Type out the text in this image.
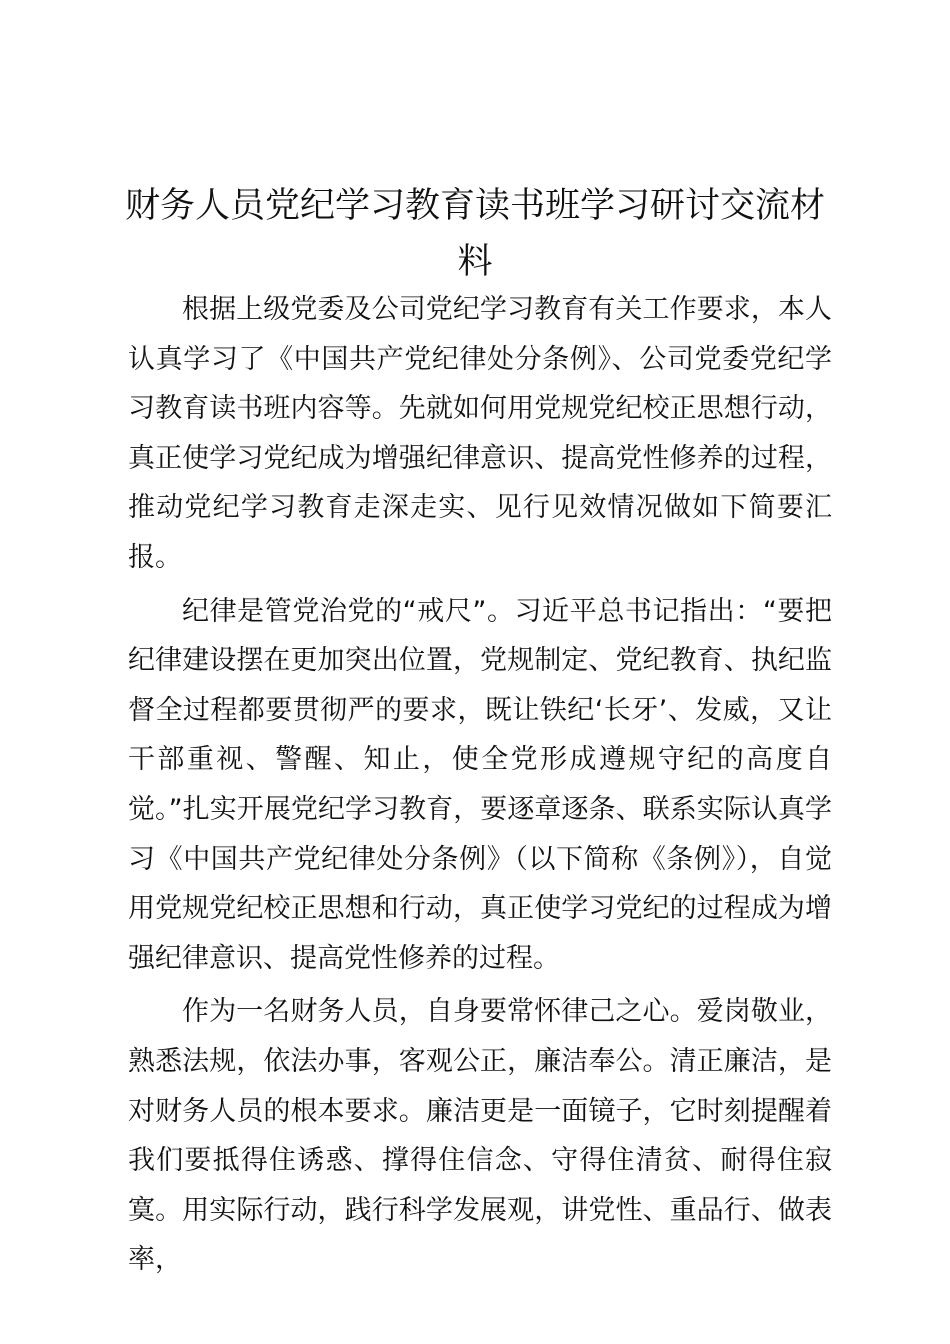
财务人员党纪学习教育读书班学习研讨交流材料

根据上级党委及公司党纪学习教育有关工作要求，本人认真学习了《中国共产党纪律处分条例》、公司党委党纪学习教育读书班内容等。先就如何用党规党纪校正思想行动，真正使学习党纪成为增强纪律意识、提高党性修养的过程，推动党纪学习教育走深走实、见行见效情况做如下简要汇报。

纪律是管党治党的“戒尺”。习近平总书记指出：“要把纪律建设摆在更加突出位置，党规制定、党纪教育、执纪监督全过程都要贯彻严的要求，既让铁纪‘长牙’、发威，又让干部重视、警醒、知止，使全党形成遵规守纪的高度自觉。”扎实开展党纪学习教育，要逐章逐条、联系实际认真学习《中国共产党纪律处分条例》（以下简称《条例》），自觉用党规党纪校正思想和行动，真正使学习党纪的过程成为增强纪律意识、提高党性修养的过程。

作为一名财务人员，自身要常怀律己之心。爱岗敬业，熟悉法规，依法办事，客观公正，廉洁奉公。清正廉洁，是对财务人员的根本要求。廉洁更是一面镜子，它时刻提醒着我们要抵得住诱惑、撑得住信念、守得住清贫、耐得住寂寞。用实际行动，践行科学发展观，讲党性、重品行、做表率，
